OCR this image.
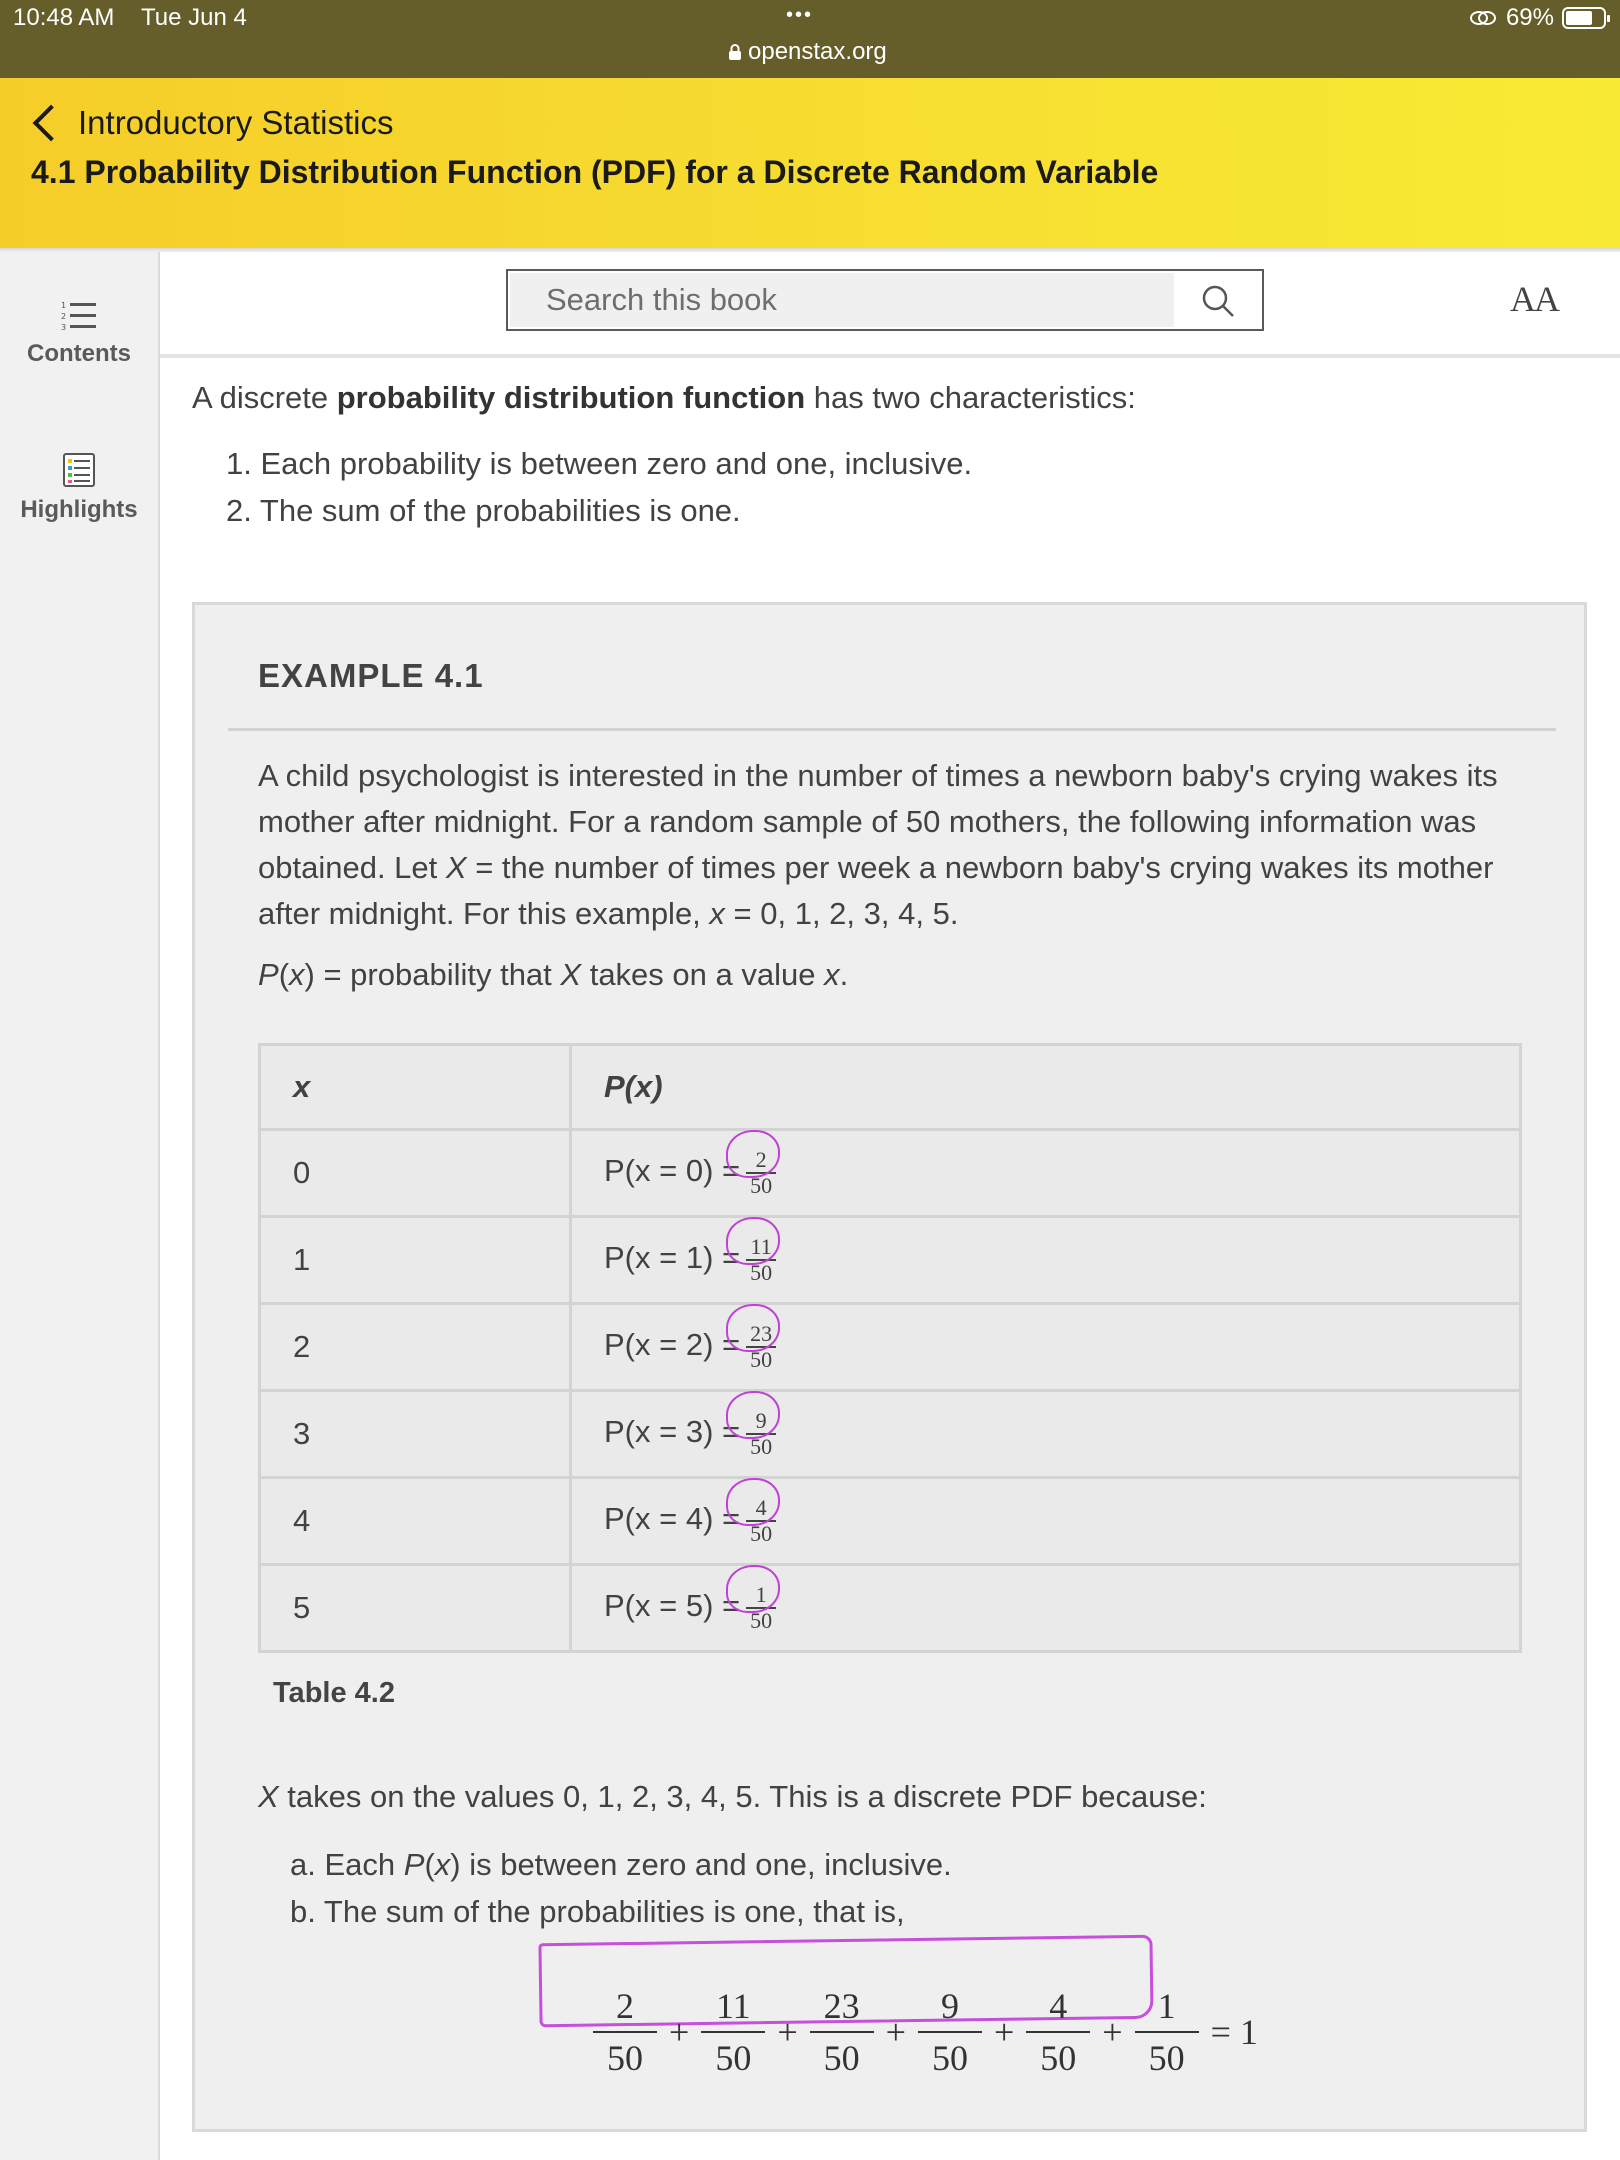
10:48 AM Tue Jun 4	•••
openstax.org
69%
Introductory Statistics
4.1 Probability Distribution Function (PDF) for a Discrete Random Variable
1
2
3
Contents
Highlights
Search this book
AA

A discrete probability distribution function has two characteristics:

1. Each probability is between zero and one, inclusive.
2. The sum of the probabilities is one.
EXAMPLE 4.1

A child psychologist is interested in the number of times a newborn baby's crying wakes its mother after midnight. For a random sample of 50 mothers, the following information was obtained. Let X = the number of times per week a newborn baby's crying wakes its mother after midnight. For this example, x = 0, 1, 2, 3, 4, 5.

P(x) = probability that X takes on a value x.
x	P(x)
0	$P(x = 0) = \frac{2}{50}$

1	$P(x = 1) = \frac{11}{50}$

2	$P(x = 2) = \frac{23}{50}$

3	$P(x = 3) = \frac{9}{50}$

4	$P(x = 4) = \frac{4}{50}$

5	$P(x = 5) = \frac{1}{50}$
Table 4.2
X takes on the values 0, 1, 2, 3, 4, 5. This is a discrete PDF because:
a. Each P(x) is between zero and one, inclusive.
b. The sum of the probabilities is one, that is,
$\frac{2}{50} + \frac{11}{50} + \frac{23}{50} + \frac{9}{50} + \frac{4}{50} + \frac{1}{50} = 1$
